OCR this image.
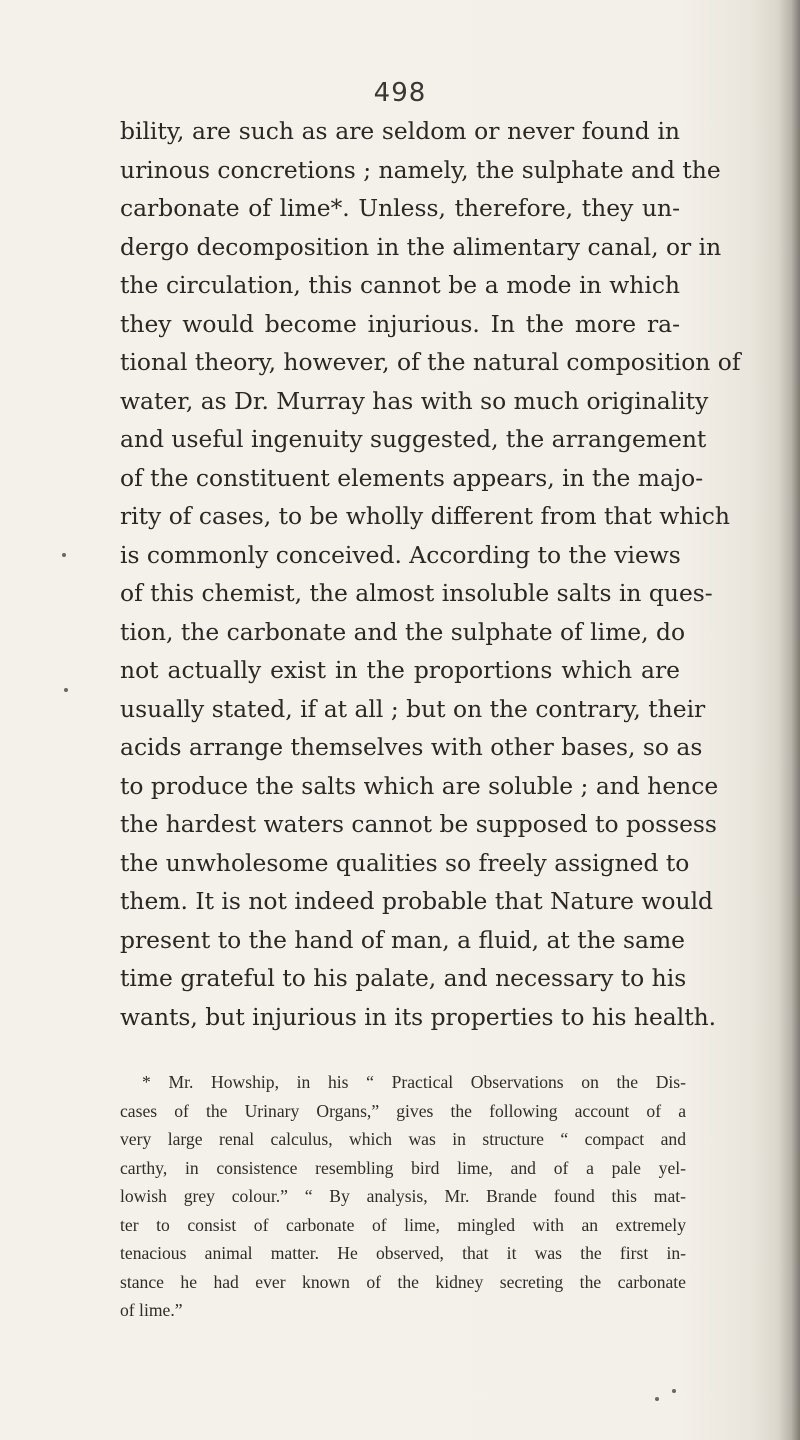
498
bility, are such as are seldom or never found in
urinous concretions ; namely, the sulphate and the
carbonate of lime*. Unless, therefore, they un-
dergo decomposition in the alimentary canal, or in
the circulation, this cannot be a mode in which
they would become injurious. In the more ra-
tional theory, however, of the natural composition of
water, as Dr. Murray has with so much originality
and useful ingenuity suggested, the arrangement
of the constituent elements appears, in the majo-
rity of cases, to be wholly different from that which
is commonly conceived. According to the views
of this chemist, the almost insoluble salts in ques-
tion, the carbonate and the sulphate of lime, do
not actually exist in the proportions which are
usually stated, if at all ; but on the contrary, their
acids arrange themselves with other bases, so as
to produce the salts which are soluble ; and hence
the hardest waters cannot be supposed to possess
the unwholesome qualities so freely assigned to
them. It is not indeed probable that Nature would
present to the hand of man, a fluid, at the same
time grateful to his palate, and necessary to his
wants, but injurious in its properties to his health.
* Mr. Howship, in his “ Practical Observations on the Dis-
cases of the Urinary Organs,” gives the following account of a
very large renal calculus, which was in structure “ compact and
carthy, in consistence resembling bird lime, and of a pale yel-
lowish grey colour.” “ By analysis, Mr. Brande found this mat-
ter to consist of carbonate of lime, mingled with an extremely
tenacious animal matter. He observed, that it was the first in-
stance he had ever known of the kidney secreting the carbonate
of lime.”
